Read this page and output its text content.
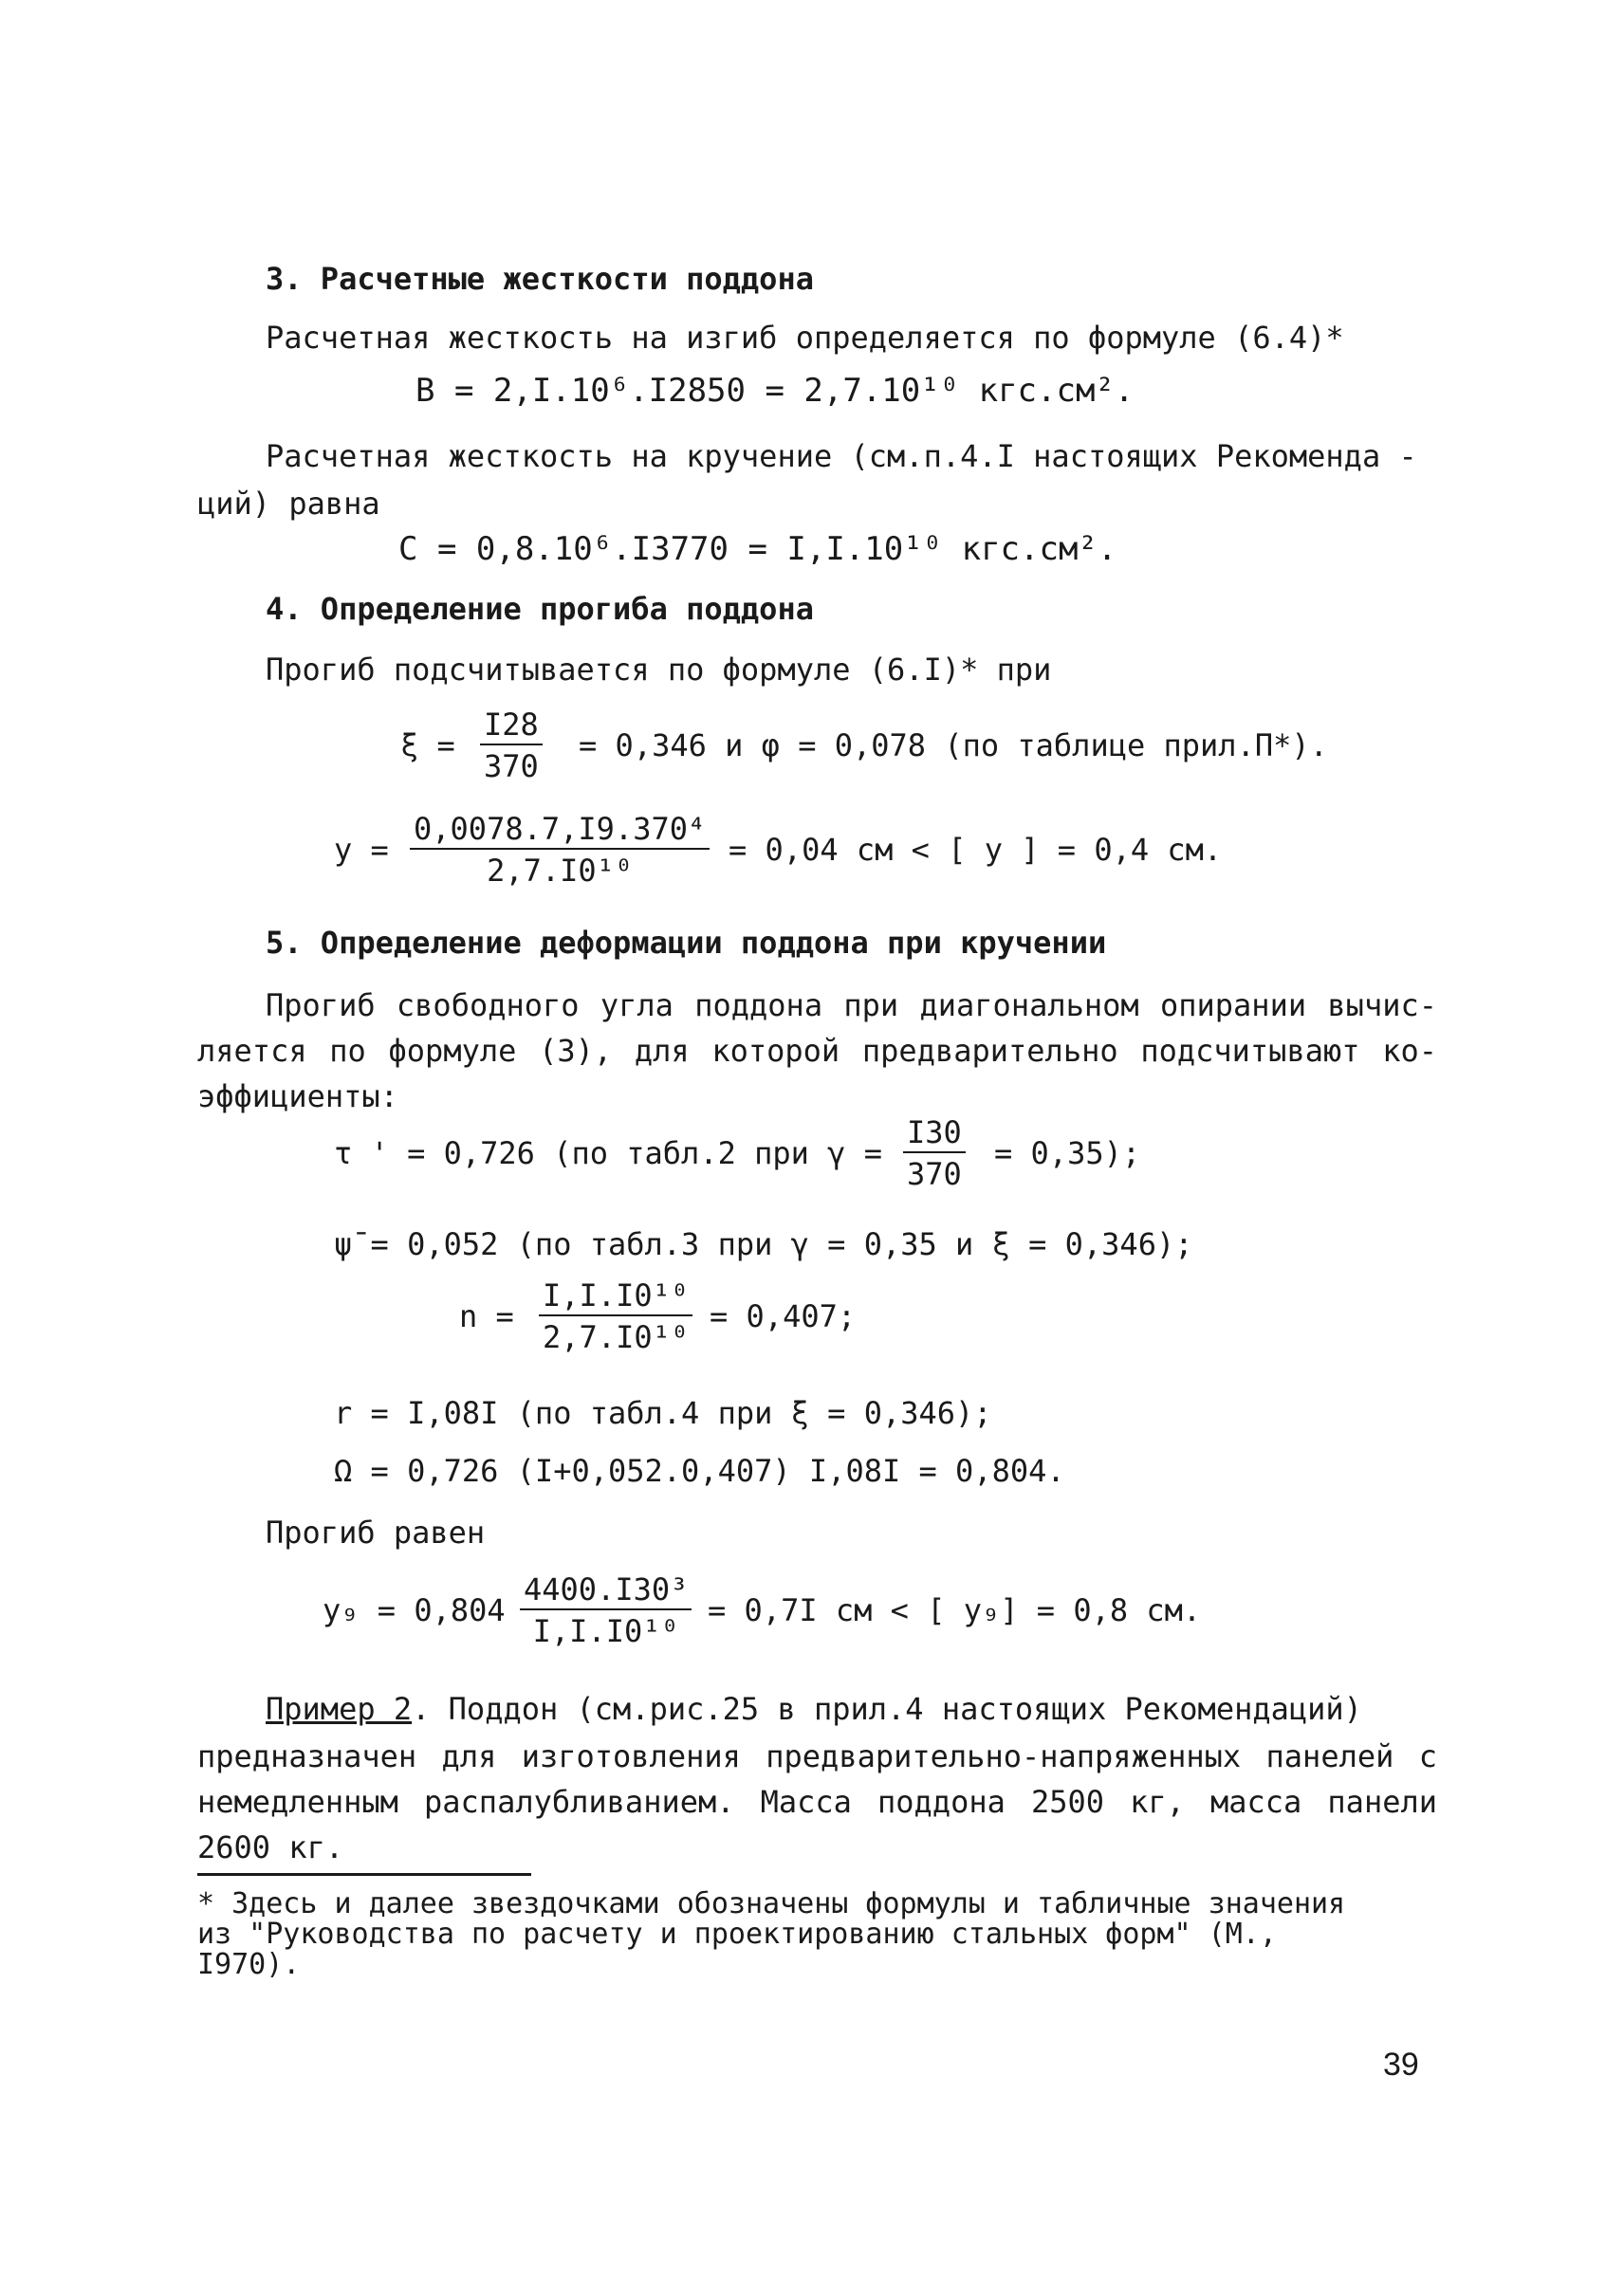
3. Расчетные жесткости поддона
Расчетная жесткость на изгиб определяется по формуле (6.4)*
B = 2,I.10⁶.I2850 = 2,7.10¹⁰ кгс.см².
Расчетная жесткость на кручение (см.п.4.I настоящих Рекоменда -
ций) равна
C = 0,8.10⁶.I3770 = I,I.10¹⁰ кгс.см².
4. Определение прогиба поддона
Прогиб подсчитывается по формуле (6.I)* при
$\xi = \frac{I28}{370} = 0,346$ и φ = 0,078 (по таблице прил.П*).
$y = \frac{\text{0,0078.7,I9.370⁴}}{\text{2,7.I0¹⁰}} = 0,04$ см < [ y ] = 0,4 см.
5. Определение деформации поддона при кручении
Прогиб свободного угла поддона при диагональном опирании вычис-
ляется по формуле (3), для которой предварительно подсчитывают ко-
эффициенты:
τ ' = 0,726 (по табл.2 при $\gamma = \frac{I30}{370} = 0,35$);
ψ̄ = 0,052 (по табл.3 при γ = 0,35 и ξ = 0,346);
$n = \frac{\text{I,I.I0¹⁰}}{\text{2,7.I0¹⁰}} = 0,407$;
r = I,08I (по табл.4 при ξ = 0,346);
Ω = 0,726 (I+0,052.0,407) I,08I = 0,804.
Прогиб равен
$y_9 = 0,804 \frac{\text{4400.I30³}}{\text{I,I.I0¹⁰}} = 0,7I$ см < [ y₉] = 0,8 см.
Пример 2. Поддон (см.рис.25 в прил.4 настоящих Рекомендаций)
предназначен для изготовления предварительно-напряженных панелей с
немедленным распалубливанием. Масса поддона 2500 кг, масса панели
2600 кг.
* Здесь и далее звездочками обозначены формулы и табличные значения
из "Руководства по расчету и проектированию стальных форм" (М.,
I970).
39
